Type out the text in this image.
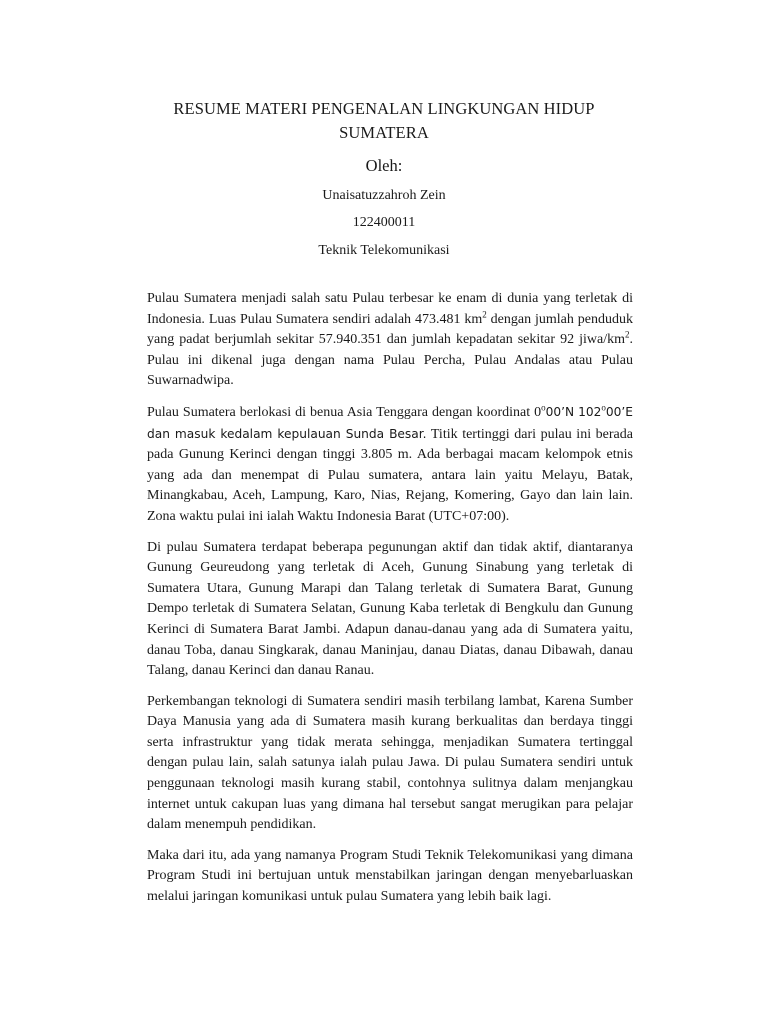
RESUME MATERI PENGENALAN LINGKUNGAN HIDUP SUMATERA
Oleh:
Unaisatuzzahroh Zein
122400011
Teknik Telekomunikasi

Pulau Sumatera menjadi salah satu Pulau terbesar ke enam di dunia yang terletak di Indonesia. Luas Pulau Sumatera sendiri adalah 473.481 $km^2$ dengan jumlah penduduk yang padat berjumlah sekitar 57.940.351 dan jumlah kepadatan sekitar 92 jiwa/$km^2$. Pulau ini dikenal juga dengan nama Pulau Percha, Pulau Andalas atau Pulau Suwarnadwipa.

Pulau Sumatera berlokasi di benua Asia Tenggara dengan koordinat 0$^o$00’N 102$^o$00’E dan masuk kedalam kepulauan Sunda Besar. Titik tertinggi dari pulau ini berada pada Gunung Kerinci dengan tinggi 3.805 m. Ada berbagai macam kelompok etnis yang ada dan menempat di Pulau sumatera, antara lain yaitu Melayu, Batak, Minangkabau, Aceh, Lampung, Karo, Nias, Rejang, Komering, Gayo dan lain lain. Zona waktu pulai ini ialah Waktu Indonesia Barat (UTC+07:00).

Di pulau Sumatera terdapat beberapa pegunungan aktif dan tidak aktif, diantaranya Gunung Geureudong yang terletak di Aceh, Gunung Sinabung yang terletak di Sumatera Utara, Gunung Marapi dan Talang terletak di Sumatera Barat, Gunung Dempo terletak di Sumatera Selatan, Gunung Kaba terletak di Bengkulu dan Gunung Kerinci di Sumatera Barat Jambi. Adapun danau-danau yang ada di Sumatera yaitu, danau Toba, danau Singkarak, danau Maninjau, danau Diatas, danau Dibawah, danau Talang, danau Kerinci dan danau Ranau.

Perkembangan teknologi di Sumatera sendiri masih terbilang lambat, Karena Sumber Daya Manusia yang ada di Sumatera masih kurang berkualitas dan berdaya tinggi serta infrastruktur yang tidak merata sehingga, menjadikan Sumatera tertinggal dengan pulau lain, salah satunya ialah pulau Jawa. Di pulau Sumatera sendiri untuk penggunaan teknologi masih kurang stabil, contohnya sulitnya dalam menjangkau internet untuk cakupan luas yang dimana hal tersebut sangat merugikan para pelajar dalam menempuh pendidikan.

Maka dari itu, ada yang namanya Program Studi Teknik Telekomunikasi yang dimana Program Studi ini bertujuan untuk menstabilkan jaringan dengan menyebarluaskan melalui jaringan komunikasi untuk pulau Sumatera yang lebih baik lagi.
